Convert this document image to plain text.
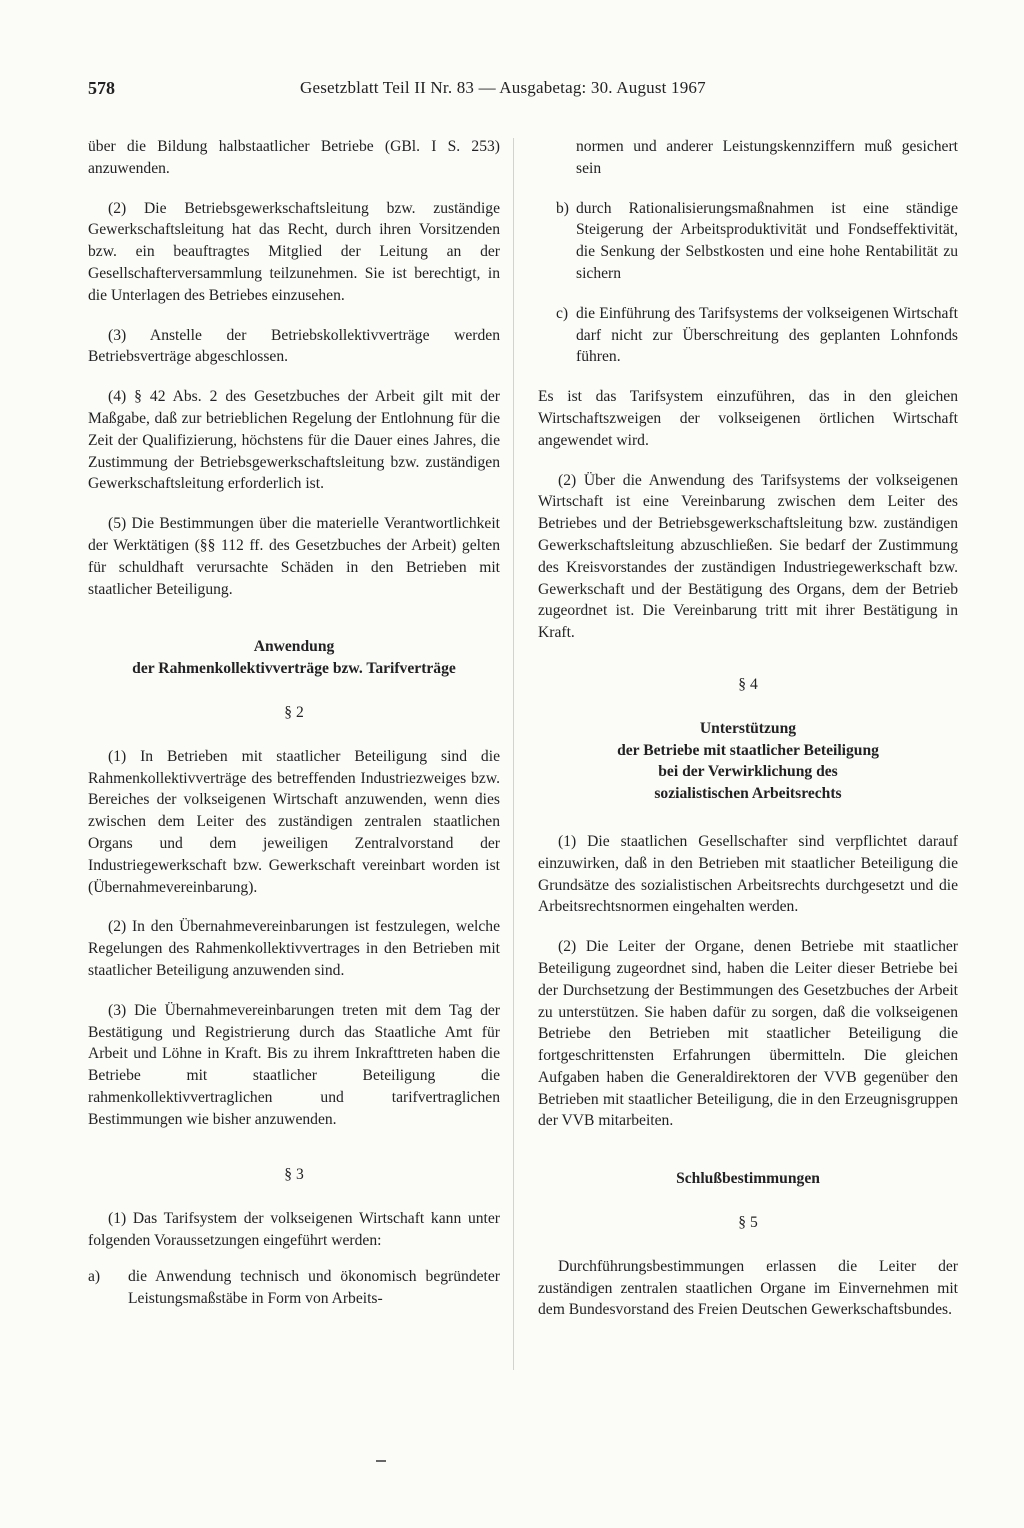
578	Gesetzblatt Teil II Nr. 83 — Ausgabetag: 30. August 1967

über die Bildung halbstaatlicher Betriebe (GBl. I S. 253) anzuwenden.

(2) Die Betriebsgewerkschaftsleitung bzw. zuständige Gewerkschaftsleitung hat das Recht, durch ihren Vorsitzenden bzw. ein beauftragtes Mitglied der Leitung an der Gesellschafterversammlung teilzunehmen. Sie ist berechtigt, in die Unterlagen des Betriebes einzusehen.

(3) Anstelle der Betriebskollektivverträge werden Betriebsverträge abgeschlossen.

(4) § 42 Abs. 2 des Gesetzbuches der Arbeit gilt mit der Maßgabe, daß zur betrieblichen Regelung der Entlohnung für die Zeit der Qualifizierung, höchstens für die Dauer eines Jahres, die Zustimmung der Betriebsgewerkschaftsleitung bzw. zuständigen Gewerkschaftsleitung erforderlich ist.

(5) Die Bestimmungen über die materielle Verantwortlichkeit der Werktätigen (§§ 112 ff. des Gesetzbuches der Arbeit) gelten für schuldhaft verursachte Schäden in den Betrieben mit staatlicher Beteiligung.

Anwendung
der Rahmenkollektivverträge bzw. Tarifverträge
§ 2

(1) In Betrieben mit staatlicher Beteiligung sind die Rahmenkollektivverträge des betreffenden Industriezweiges bzw. Bereiches der volkseigenen Wirtschaft anzuwenden, wenn dies zwischen dem Leiter des zuständigen zentralen staatlichen Organs und dem jeweiligen Zentralvorstand der Industriegewerkschaft bzw. Gewerkschaft vereinbart worden ist (Übernahmevereinbarung).

(2) In den Übernahmevereinbarungen ist festzulegen, welche Regelungen des Rahmenkollektivvertrages in den Betrieben mit staatlicher Beteiligung anzuwenden sind.

(3) Die Übernahmevereinbarungen treten mit dem Tag der Bestätigung und Registrierung durch das Staatliche Amt für Arbeit und Löhne in Kraft. Bis zu ihrem Inkrafttreten haben die Betriebe mit staatlicher Beteiligung die rahmenkollektivvertraglichen und tarifvertraglichen Bestimmungen wie bisher anzuwenden.

§ 3

(1) Das Tarifsystem der volkseigenen Wirtschaft kann unter folgenden Voraussetzungen eingeführt werden:

a) die Anwendung technisch und ökonomisch begründeter Leistungsmaßstäbe in Form von Arbeits-

normen und anderer Leistungskennziffern muß gesichert sein

b) durch Rationalisierungsmaßnahmen ist eine ständige Steigerung der Arbeitsproduktivität und Fondseffektivität, die Senkung der Selbstkosten und eine hohe Rentabilität zu sichern
c) die Einführung des Tarifsystems der volkseigenen Wirtschaft darf nicht zur Überschreitung des geplanten Lohnfonds führen.

Es ist das Tarifsystem einzuführen, das in den gleichen Wirtschaftszweigen der volkseigenen örtlichen Wirtschaft angewendet wird.

(2) Über die Anwendung des Tarifsystems der volkseigenen Wirtschaft ist eine Vereinbarung zwischen dem Leiter des Betriebes und der Betriebsgewerkschaftsleitung bzw. zuständigen Gewerkschaftsleitung abzuschließen. Sie bedarf der Zustimmung des Kreisvorstandes der zuständigen Industriegewerkschaft bzw. Gewerkschaft und der Bestätigung des Organs, dem der Betrieb zugeordnet ist. Die Vereinbarung tritt mit ihrer Bestätigung in Kraft.

§ 4
Unterstützung
der Betriebe mit staatlicher Beteiligung
bei der Verwirklichung des
sozialistischen Arbeitsrechts

(1) Die staatlichen Gesellschafter sind verpflichtet darauf einzuwirken, daß in den Betrieben mit staatlicher Beteiligung die Grundsätze des sozialistischen Arbeitsrechts durchgesetzt und die Arbeitsrechtsnormen eingehalten werden.

(2) Die Leiter der Organe, denen Betriebe mit staatlicher Beteiligung zugeordnet sind, haben die Leiter dieser Betriebe bei der Durchsetzung der Bestimmungen des Gesetzbuches der Arbeit zu unterstützen. Sie haben dafür zu sorgen, daß die volkseigenen Betriebe den Betrieben mit staatlicher Beteiligung die fortgeschrittensten Erfahrungen übermitteln. Die gleichen Aufgaben haben die Generaldirektoren der VVB gegenüber den Betrieben mit staatlicher Beteiligung, die in den Erzeugnisgruppen der VVB mitarbeiten.

Schlußbestimmungen
§ 5

Durchführungsbestimmungen erlassen die Leiter der zuständigen zentralen staatlichen Organe im Einvernehmen mit dem Bundesvorstand des Freien Deutschen Gewerkschaftsbundes.
